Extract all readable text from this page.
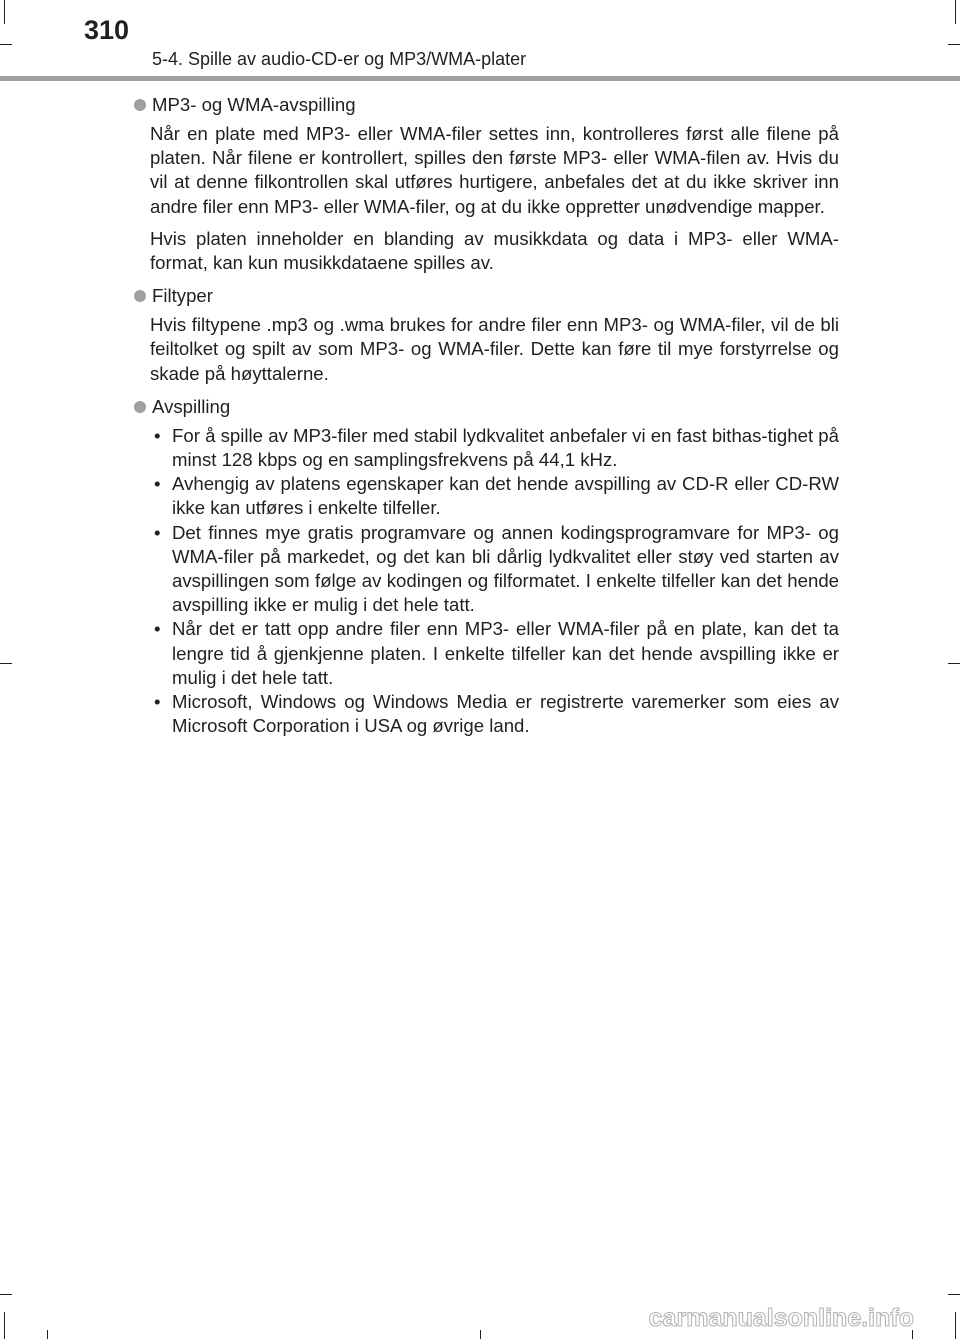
310
5-4. Spille av audio-CD-er og MP3/WMA-plater
MP3- og WMA-avspilling

Når en plate med MP3- eller WMA-filer settes inn, kontrolleres først alle filene på platen. Når filene er kontrollert, spilles den første MP3- eller WMA-filen av. Hvis du vil at denne filkontrollen skal utføres hurtigere, anbefales det at du ikke skriver inn andre filer enn MP3- eller WMA-filer, og at du ikke oppretter unødvendige mapper.

Hvis platen inneholder en blanding av musikkdata og data i MP3- eller WMA-format, kan kun musikkdataene spilles av.

Filtyper

Hvis filtypene .mp3 og .wma brukes for andre filer enn MP3- og WMA-filer, vil de bli feiltolket og spilt av som MP3- og WMA-filer. Dette kan føre til mye forstyrrelse og skade på høyttalerne.

Avspilling
• For å spille av MP3-filer med stabil lydkvalitet anbefaler vi en fast bithas-tighet på minst 128 kbps og en samplingsfrekvens på 44,1 kHz.
• Avhengig av platens egenskaper kan det hende avspilling av CD-R eller CD-RW ikke kan utføres i enkelte tilfeller.
• Det finnes mye gratis programvare og annen kodingsprogramvare for MP3- og WMA-filer på markedet, og det kan bli dårlig lydkvalitet eller støy ved starten av avspillingen som følge av kodingen og filformatet. I enkelte tilfeller kan det hende avspilling ikke er mulig i det hele tatt.
• Når det er tatt opp andre filer enn MP3- eller WMA-filer på en plate, kan det ta lengre tid å gjenkjenne platen. I enkelte tilfeller kan det hende avspilling ikke er mulig i det hele tatt.
• Microsoft, Windows og Windows Media er registrerte varemerker som eies av Microsoft Corporation i USA og øvrige land.
carmanualsonline.info
